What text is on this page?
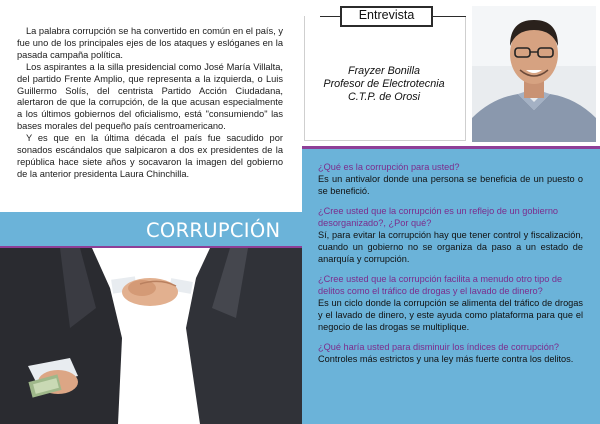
La palabra corrupción se ha convertido en común en el país, y fue uno de los principales ejes de los ataques y eslóganes en la pasada campaña política.

Los aspirantes a la silla presidencial como José María Villalta, del partido Frente Amplio, que representa a la izquierda, o Luis Guillermo Solís, del centrista Partido Acción Ciudadana, alertaron de que la corrupción, de la que acusan especialmente a los últimos gobiernos del oficialismo, está "consumiendo" las bases morales del pequeño país centroamericano.

Y es que en la última década el país fue sacudido por sonados escándalos que salpicaron a dos ex presidentes de la república hace siete años y socavaron la imagen del gobierno de la anterior presidenta Laura Chinchilla.

CORRUPCIÓN
Entrevista
Frayzer Bonilla
Profesor de Electrotecnia
C.T.P. de Orosi

¿Qué es la corrupción para usted?

Es un antivalor donde una persona se beneficia de un puesto o se benefició.

¿Cree usted que la corrupción es un reflejo de un gobierno desorganizado?, ¿Por qué?

Sí, para evitar la corrupción hay que tener control y fiscalización, cuando un gobierno no se organiza da paso a un estado de anarquía y corrupción.

¿Cree usted que la corrupción facilita a menudo otro tipo de delitos como el tráfico de drogas y el lavado de dinero?

Es un ciclo donde la corrupción se alimenta del tráfico de drogas y el lavado de dinero, y este ayuda como plataforma para que el negocio de las drogas se multiplique.

¿Qué haría usted para disminuir los índices de corrupción?

Controles más estrictos y una ley más fuerte contra los delitos.
